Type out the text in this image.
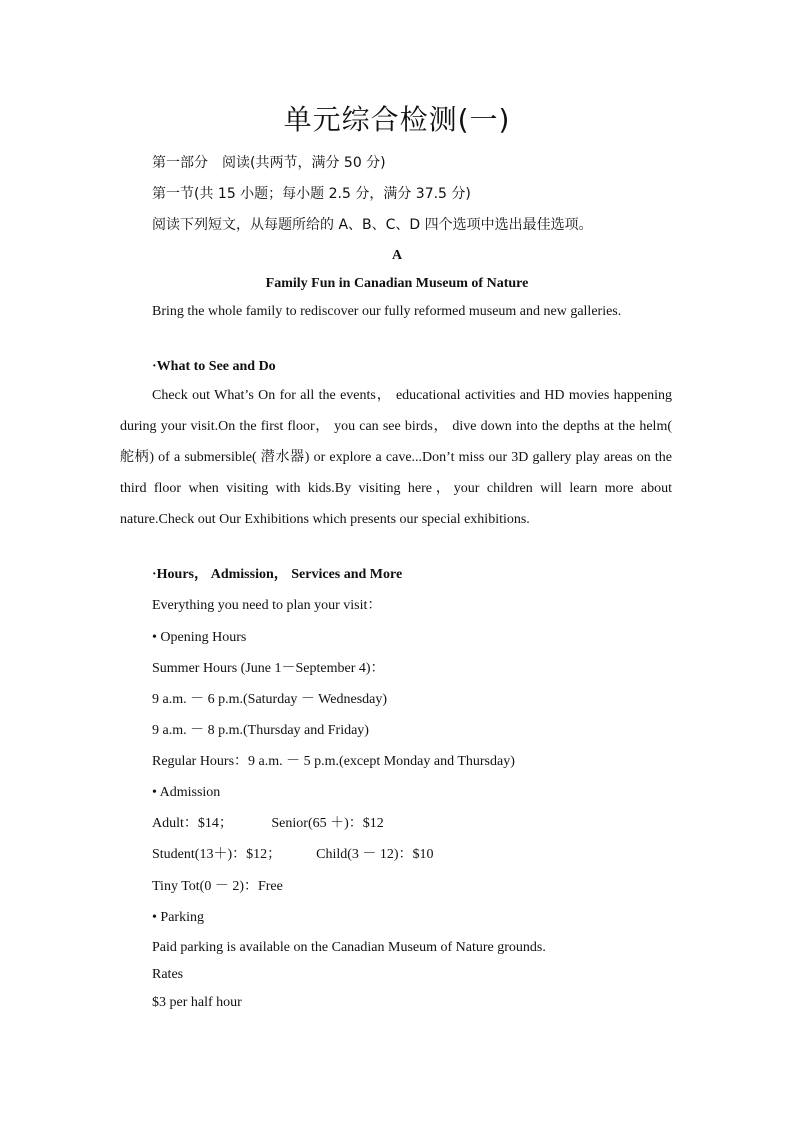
单元综合检测(一)
第一部分　阅读(共两节，满分 50 分)
第一节(共 15 小题；每小题 2.5 分，满分 37.5 分)
阅读下列短文，从每题所给的 A、B、C、D 四个选项中选出最佳选项。
A
Family Fun in Canadian Museum of Nature
Bring the whole family to rediscover our fully reformed museum and new galleries.
·What to See and Do
Check out What’s On for all the events， educational activities and HD movies happening during your visit.On the first floor， you can see birds， dive down into the depths at the helm( 舵柄) of a submersible( 潜水器) or explore a cave...Don’t miss our 3D gallery play areas on the third floor when visiting with kids.By visiting here，your children will learn more about nature.Check out Our Exhibitions which presents our special exhibitions.
·Hours， Admission， Services and More
Everything you need to plan your visit：
• Opening Hours
Summer Hours (June 1－September 4)：
9 a.m. － 6 p.m.(Saturday － Wednesday)
9 a.m. － 8 p.m.(Thursday and Friday)
Regular Hours：9 a.m. － 5 p.m.(except Monday and Thursday)
• Admission
Adult：$14；           Senior(65 ＋)：$12
Student(13＋)：$12；          Child(3 － 12)：$10
Tiny Tot(0 － 2)：Free
• Parking
Paid parking is available on the Canadian Museum of Nature grounds.
Rates
$3 per half hour
